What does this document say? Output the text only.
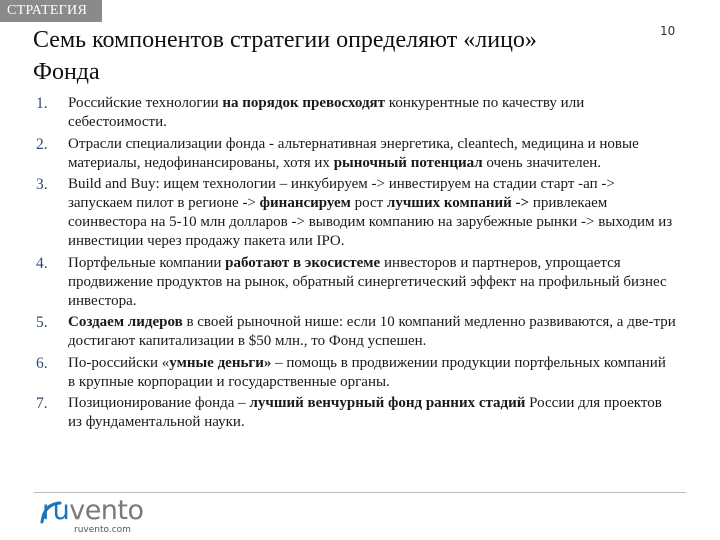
СТРАТЕГИЯ
Семь компонентов стратегии определяют «лицо»
Фонда
10
1. Российские технологии на порядок превосходят конкурентные по качеству или себестоимости.
2. Отрасли специализации фонда - альтернативная энергетика, cleantech, медицина и новые материалы, недофинансированы, хотя их рыночный потенциал очень значителен.
3. Build and Buy: ищем технологии – инкубируем -> инвестируем на стадии старт -ап -> запускаем пилот в регионе -> финансируем рост лучших компаний -> привлекаем соинвестора на 5-10 млн долларов -> выводим компанию на зарубежные рынки -> выходим из инвестиции через продажу пакета или IPO.
4. Портфельные компании работают в экосистеме инвесторов и партнеров, упрощается продвижение продуктов на рынок, обратный синергетический эффект на профильный бизнес инвестора.
5. Создаем лидеров в своей рыночной нише: если 10 компаний медленно развиваются, а две-три достигают капитализации в $50 млн., то Фонд успешен.
6. По-российски «умные деньги» – помощь в продвижении продукции портфельных компаний в крупные корпорации и государственные органы.
7. Позиционирование фонда – лучший венчурный фонд ранних стадий России для проектов из фундаментальной науки.
ruvento
ruvento.com
